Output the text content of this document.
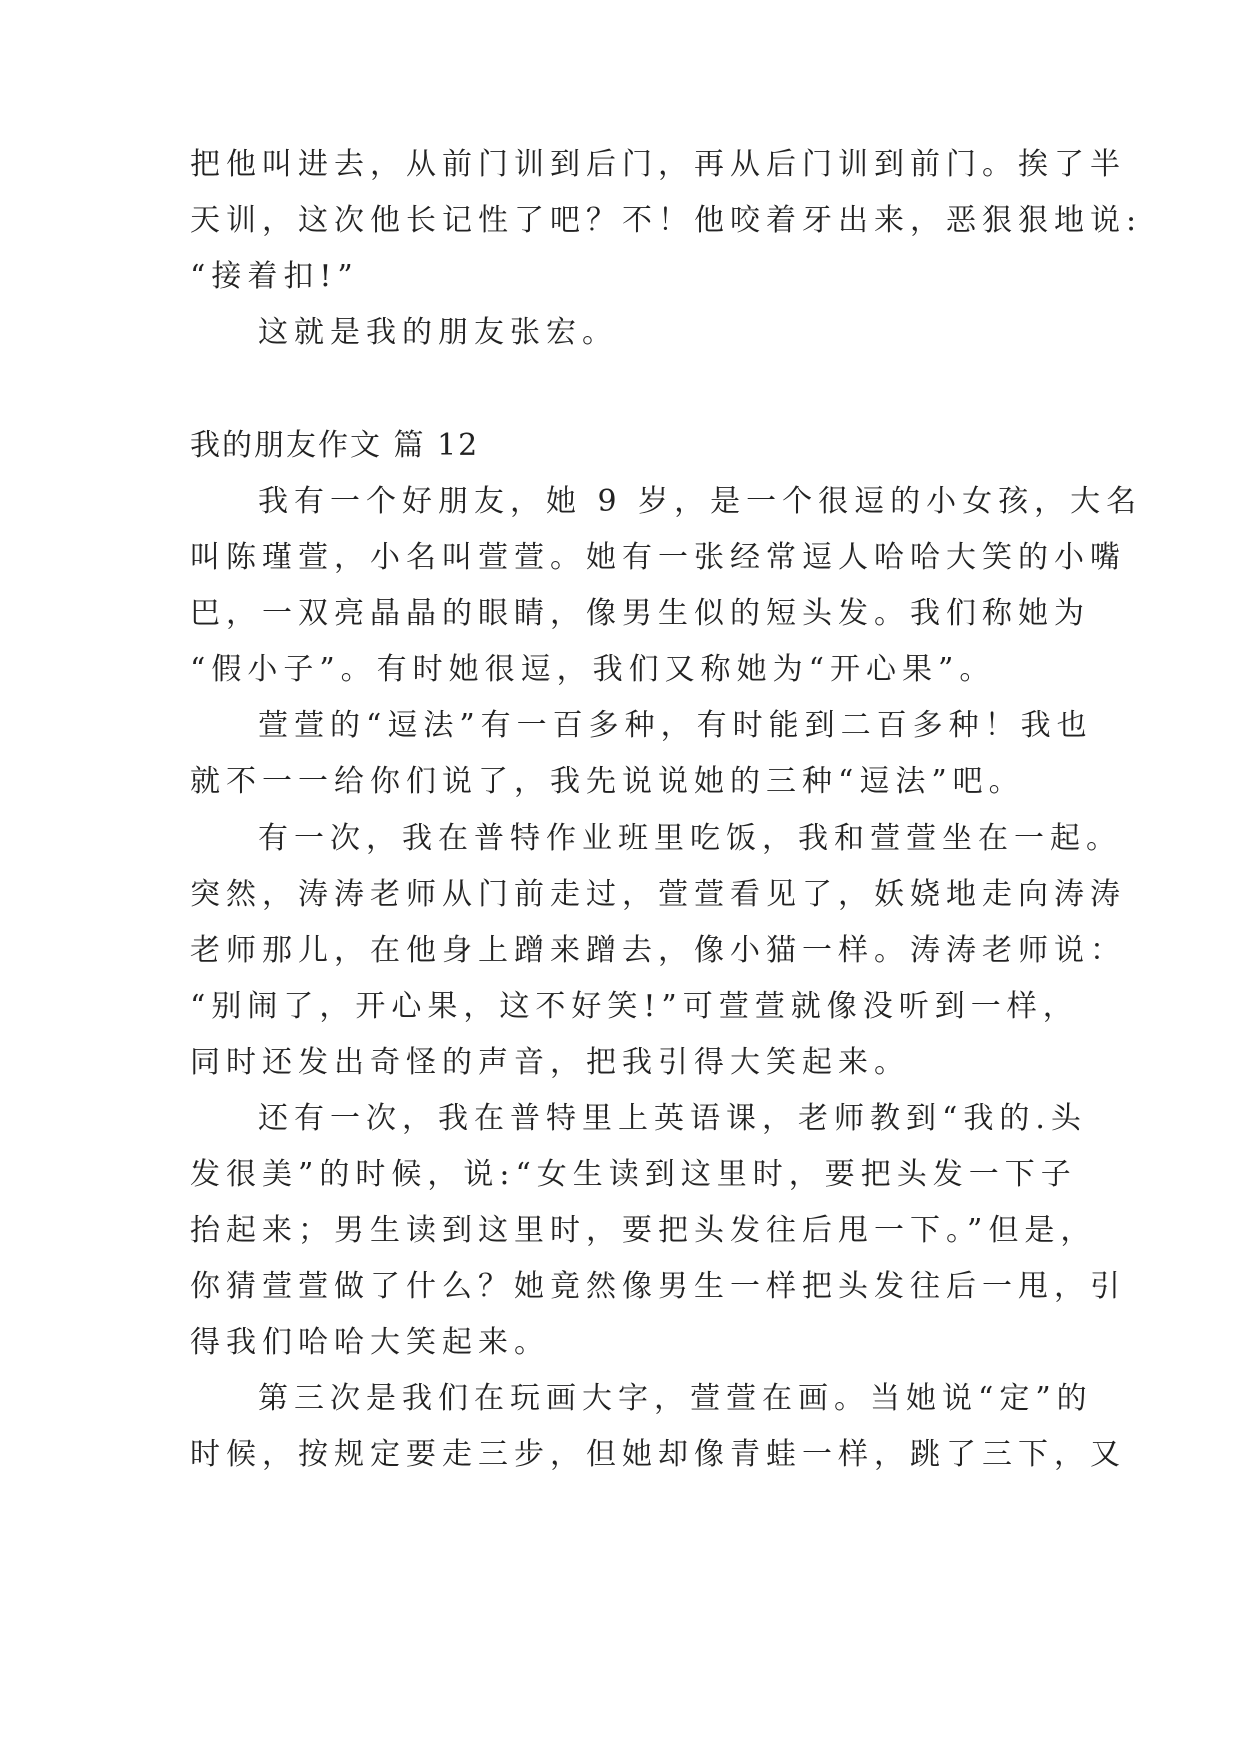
把他叫进去，从前门训到后门，再从后门训到前门。挨了半
天训，这次他长记性了吧？不！他咬着牙出来，恶狠狠地说:
“接着扣!”
这就是我的朋友张宏。
我的朋友作文 篇 12
我有一个好朋友，她 9 岁，是一个很逗的小女孩，大名
叫陈瑾萱，小名叫萱萱。她有一张经常逗人哈哈大笑的小嘴
巴，一双亮晶晶的眼睛，像男生似的短头发。我们称她为
“假小子”。有时她很逗，我们又称她为“开心果”。
萱萱的“逗法”有一百多种，有时能到二百多种！我也
就不一一给你们说了，我先说说她的三种“逗法”吧。
有一次，我在普特作业班里吃饭，我和萱萱坐在一起。
突然，涛涛老师从门前走过，萱萱看见了，妖娆地走向涛涛
老师那儿，在他身上蹭来蹭去，像小猫一样。涛涛老师说：
“别闹了，开心果，这不好笑!”可萱萱就像没听到一样，
同时还发出奇怪的声音，把我引得大笑起来。
还有一次，我在普特里上英语课，老师教到“我的.头
发很美”的时候，说:“女生读到这里时，要把头发一下子
抬起来；男生读到这里时，要把头发往后甩一下。”但是，
你猜萱萱做了什么？她竟然像男生一样把头发往后一甩，引
得我们哈哈大笑起来。
第三次是我们在玩画大字，萱萱在画。当她说“定”的
时候，按规定要走三步，但她却像青蛙一样，跳了三下，又
